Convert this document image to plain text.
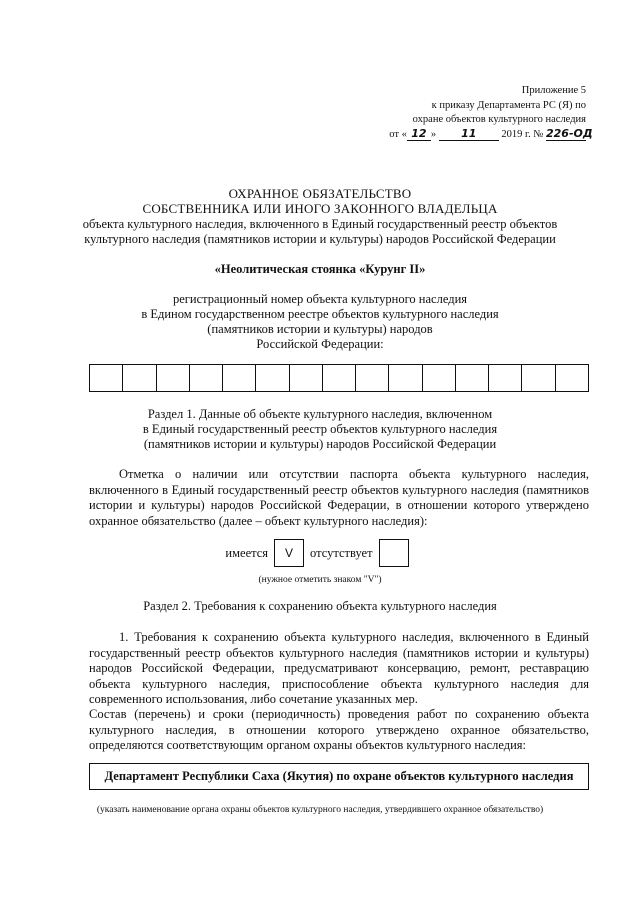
Приложение 5
к приказу Департамента РС (Я) по
охране объектов культурного наследия
от « 12 » 11 2019 г. № 226-ОД
ОХРАННОЕ ОБЯЗАТЕЛЬСТВО
СОБСТВЕННИКА ИЛИ ИНОГО ЗАКОННОГО ВЛАДЕЛЬЦА
объекта культурного наследия, включенного в Единый государственный реестр объектов
культурного наследия (памятников истории и культуры) народов Российской Федерации
«Неолитическая стоянка «Курунг II»
регистрационный номер объекта культурного наследия
в Едином государственном реестре объектов культурного наследия
(памятников истории и культуры) народов
Российской Федерации:
Раздел 1. Данные об объекте культурного наследия, включенном
в Единый государственный реестр объектов культурного наследия
(памятников истории и культуры) народов Российской Федерации
Отметка о наличии или отсутствии паспорта объекта культурного наследия, включенного в Единый государственный реестр объектов культурного наследия (памятников истории и культуры) народов Российской Федерации, в отношении которого утверждено охранное обязательство (далее – объект культурного наследия):
имеется	V	отсутствует
(нужное отметить знаком "V")
Раздел 2. Требования к сохранению объекта культурного наследия
1. Требования к сохранению объекта культурного наследия, включенного в Единый государственный реестр объектов культурного наследия (памятников истории и культуры) народов Российской Федерации, предусматривают консервацию, ремонт, реставрацию объекта культурного наследия, приспособление объекта культурного наследия для современного использования, либо сочетание указанных мер.
Состав (перечень) и сроки (периодичность) проведения работ по сохранению объекта культурного наследия, в отношении которого утверждено охранное обязательство, определяются соответствующим органом охраны объектов культурного наследия:
Департамент Республики Саха (Якутия) по охране объектов культурного наследия
(указать наименование органа охраны объектов культурного наследия, утвердившего охранное обязательство)
